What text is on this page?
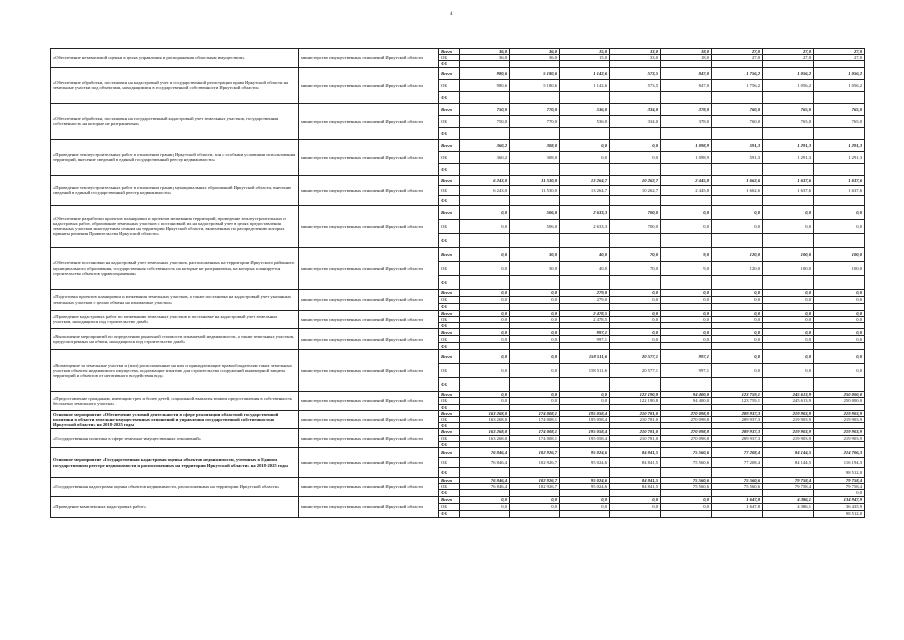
4
«Обеспечение независимой оценки в целях управления и распоряжения областным имуществом»	министерство имущественных отношений Иркутской области	Всего	36,0	36,0	15,0	33,0	18,0	27,0	27,0	27,0
		ОБ	36,0	36,0	15,0	33,0	18,0	27,0	27,0	27,0
		ФБ								
«Обеспечение обработки, постановки на кадастровый учет и государственной регистрации права Иркутской области на земельные участки под объектами, находящимися в государственной собственности Иркутской области»	министерство имущественных отношений Иркутской области	Всего	980,6	5 180,6	1 142,6	573,5	847,0	1 756,2	1 056,2	1 056,2
		ОБ	980,6	5 180,6	1 142,6	573,5	847,0	1 756,2	1 056,2	1 056,2
		ФБ								
«Обеспечение обработки, постановки на государственный кадастровый учет земельных участков, государственная собственность на которые не разграничена»	министерство имущественных отношений Иркутской области	Всего	750,0	770,0	536,0	334,0	378,0	760,0	765,0	765,0
		ОБ	750,0	770,0	536,0	334,0	378,0	760,0	765,0	765,0
		ФБ								
«Проведение землеустроительных работ в отношении границ Иркутской области, зон с особыми условиями использования территорий, внесение сведений в единый государственный реестр недвижимости»	министерство имущественных отношений Иркутской области	Всего	360,2	308,0	0,0	0,0	1 098,9	591,3	1 291,3	1 291,3
		ОБ	360,2	308,0	0,0	0,0	1 098,9	591,3	1 291,3	1 291,3
		ФБ								
«Проведение землеустроительных работ в отношении границ муниципальных образований Иркутской области, внесение сведений в единый государственный реестр недвижимости»	министерство имущественных отношений Иркутской области	Всего	6 243,0	11 530,0	13 264,7	10 262,7	2 445,8	1 662,6	1 637,6	1 637,6
		ОБ	6 243,0	11 530,0	13 264,7	10 262,7	2 445,8	1 662,6	1 637,6	1 637,6
		ФБ								
«Обеспечение разработки проектов планировки и проектов межевания территорий, проведение землеустроительных и кадастровых работ, образование земельных участков с постановкой их на кадастровый учет в целях предоставления земельных участков многодетным семьям на территории Иркутской области, включенных по распределению которых приняты решения Правительства Иркутской области»	министерство имущественных отношений Иркутской области	Всего	0,0	506,0	2 633,3	700,0	0,0	0,0	0,0	0,0
		ОБ	0,0	506,0	2 633,3	700,0	0,0	0,0	0,0	0,0
		ФБ								
«Обеспечение постановки на кадастровый учет земельных участков, расположенных на территории Иркутского районного муниципального образования, государственная собственность на которые не разграничена, на которых планируется строительство объектов здравоохранения»	министерство имущественных отношений Иркутской области	Всего	0,0	30,0	40,0	70,0	9,0	120,0	100,0	100,0
		ОБ	0,0	30,0	40,0	70,0	9,0	120,0	100,0	100,0
		ФБ								
«Подготовка проектов планировки и межевания земельных участков, а также постановка на кадастровый учет указанных земельных участков с целью обмена на изымаемые участки»	министерство имущественных отношений Иркутской области	Всего	0,0	0,0	279,0	0,0	0,0	0,0	0,0	0,0
		ОБ	0,0	0,0	279,0	0,0	0,0	0,0	0,0	0,0
		ФБ								
«Проведение кадастровых работ по межеванию земельных участков и постановке на кадастровый учет земельных участков, находящихся под строительство дамб»	министерство имущественных отношений Иркутской области	Всего	0,0	0,0	2 478,5	0,0	0,0	0,0	0,0	0,0
		ОБ	0,0	0,0	2 478,5	0,0	0,0	0,0	0,0	0,0
		ФБ								
«Выполнение мероприятий по определению рыночной стоимости изымаемой недвижимости, а также земельных участков, предусмотренных на обмен, находящихся под строительство дамб»	министерство имущественных отношений Иркутской области	Всего	0,0	0,0	997,1	0,0	0,0	0,0	0,0	0,0
		ОБ	0,0	0,0	997,1	0,0	0,0	0,0	0,0	0,0
		ФБ								
«Возмещение за земельные участки и (или) расположенные на них и принадлежащие правообладателям таких земельных участков объекты недвижимого имущества, подлежащие изъятию для строительства сооружений инженерной защиты территорий и объектов от негативного воздействия вод»	министерство имущественных отношений Иркутской области	Всего	0,0	0,0	158 511,6	20 577,1	997,1	0,0	0,0	0,0
		ОБ	0,0	0,0	158 511,6	20 577,1	997,1	0,0	0,0	0,0
		ФБ								
«Предоставление гражданам, имеющим трех и более детей, социальной выплаты взамен предоставления в собственность бесплатно земельного участка»	министерство имущественных отношений Иркутской области	Всего	0,0	0,0	0,0	122 190,8	94 400,0	123 759,1	245 613,9	250 000,0
		ОБ	0,0	0,0	0,0	122 190,8	94 400,0	123 759,1	245 613,9	250 000,0
		ФБ								
Основное мероприятие «Обеспечение условий деятельности в сфере реализации областной государственной политики в области земельно-имущественных отношений и управления государственной собственностью Иркутской области» на 2018-2025 годы	министерство имущественных отношений Иркутской области	Всего	163 268,0	174 008,1	195 058,4	210 781,0	270 098,8	289 937,3	219 903,9	219 903,9
		ОБ	163 268,0	174 008,1	195 058,4	210 781,0	270 098,8	289 937,3	219 903,9	219 903,9
		ФБ								
«Государственная политика в сфере земельно-имущественных отношений»	министерство имущественных отношений Иркутской области	Всего	163 268,0	174 008,1	195 058,4	210 781,0	270 098,8	289 937,3	219 903,9	219 903,9
		ОБ	163 268,0	174 008,1	195 058,4	210 781,0	270 098,8	289 937,3	219 903,9	219 903,9
		ФБ								
Основное мероприятие «Государственная кадастровая оценка объектов недвижимости, учтенных в Едином государственном реестре недвижимости и расположенных на территории Иркутской области» на 2018-2025 годы	министерство имущественных отношений Иркутской области	Всего	76 846,4	102 926,7	95 024,6	84 841,5	75 560,6	77 208,4	84 144,5	214 706,3
		ОБ	76 846,4	102 926,7	95 024,6	84 841,5	75 560,6	77 208,4	84 144,5	116 194,3
		ФБ								98 512,0
«Государственная кадастровая оценка объектов недвижимости, расположенных на территории Иркутской области»	министерство имущественных отношений Иркутской области	Всего	76 846,4	102 926,7	95 024,6	84 841,5	75 560,6	75 560,6	79 758,4	79 758,4
		ОБ	76 846,4	102 926,7	95 024,6	84 841,5	75 560,6	75 560,6	79 758,4	79 758,4
		ФБ								0,0
«Проведение комплексных кадастровых работ»	министерство имущественных отношений Иркутской области	Всего	0,0	0,0	0,0	0,0	0,0	1 647,8	4 386,1	134 947,9
		ОБ	0,0	0,0	0,0	0,0	0,0	1 647,8	4 386,1	36 435,9
		ФБ								98 512,0
